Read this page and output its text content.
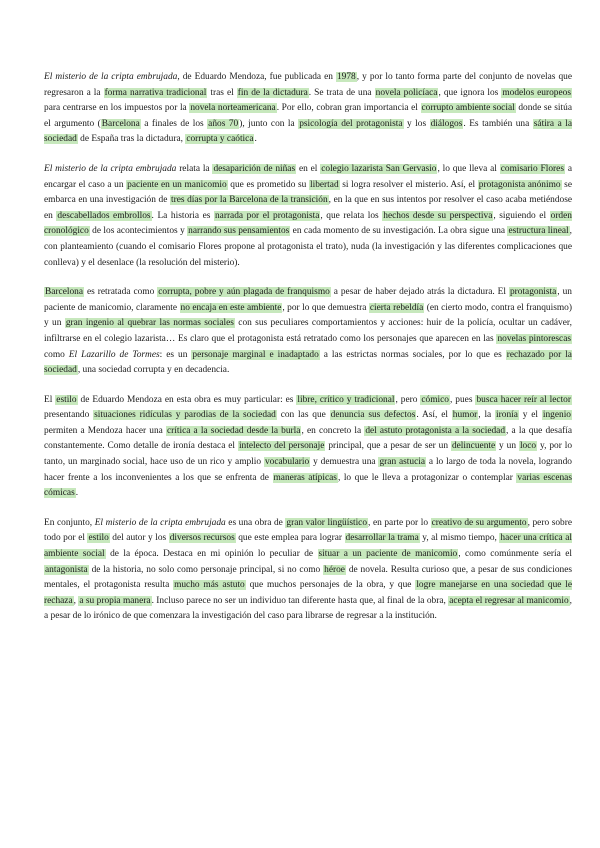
El misterio de la cripta embrujada, de Eduardo Mendoza, fue publicada en 1978, y por lo tanto forma parte del conjunto de novelas que regresaron a la forma narrativa tradicional tras el fin de la dictadura. Se trata de una novela policíaca, que ignora los modelos europeos para centrarse en los impuestos por la novela norteamericana. Por ello, cobran gran importancia el corrupto ambiente social donde se sitúa el argumento (Barcelona a finales de los años 70), junto con la psicología del protagonista y los diálogos. Es también una sátira a la sociedad de España tras la dictadura, corrupta y caótica.

El misterio de la cripta embrujada relata la desaparición de niñas en el colegio lazarista San Gervasio, lo que lleva al comisario Flores a encargar el caso a un paciente en un manicomio que es prometido su libertad si logra resolver el misterio. Así, el protagonista anónimo se embarca en una investigación de tres días por la Barcelona de la transición, en la que en sus intentos por resolver el caso acaba metiéndose en descabellados embrollos. La historia es narrada por el protagonista, que relata los hechos desde su perspectiva, siguiendo el orden cronológico de los acontecimientos y narrando sus pensamientos en cada momento de su investigación. La obra sigue una estructura lineal, con planteamiento (cuando el comisario Flores propone al protagonista el trato), nuda (la investigación y las diferentes complicaciones que conlleva) y el desenlace (la resolución del misterio).

Barcelona es retratada como corrupta, pobre y aún plagada de franquismo a pesar de haber dejado atrás la dictadura. El protagonista, un paciente de manicomio, claramente no encaja en este ambiente, por lo que demuestra cierta rebeldía (en cierto modo, contra el franquismo) y un gran ingenio al quebrar las normas sociales con sus peculiares comportamientos y acciones: huir de la policía, ocultar un cadáver, infiltrarse en el colegio lazarista… Es claro que el protagonista está retratado como los personajes que aparecen en las novelas pintorescas como El Lazarillo de Tormes: es un personaje marginal e inadaptado a las estrictas normas sociales, por lo que es rechazado por la sociedad, una sociedad corrupta y en decadencia.

El estilo de Eduardo Mendoza en esta obra es muy particular: es libre, crítico y tradicional, pero cómico, pues busca hacer reír al lector presentando situaciones ridículas y parodias de la sociedad con las que denuncia sus defectos. Así, el humor, la ironía y el ingenio permiten a Mendoza hacer una crítica a la sociedad desde la burla, en concreto la del astuto protagonista a la sociedad, a la que desafía constantemente. Como detalle de ironía destaca el intelecto del personaje principal, que a pesar de ser un delincuente y un loco y, por lo tanto, un marginado social, hace uso de un rico y amplio vocabulario y demuestra una gran astucia a lo largo de toda la novela, logrando hacer frente a los inconvenientes a los que se enfrenta de maneras atípicas, lo que le lleva a protagonizar o contemplar varias escenas cómicas.

En conjunto, El misterio de la cripta embrujada es una obra de gran valor lingüístico, en parte por lo creativo de su argumento, pero sobre todo por el estilo del autor y los diversos recursos que este emplea para lograr desarrollar la trama y, al mismo tiempo, hacer una crítica al ambiente social de la época. Destaca en mi opinión lo peculiar de situar a un paciente de manicomio, como comúnmente sería el antagonista de la historia, no solo como personaje principal, si no como héroe de novela. Resulta curioso que, a pesar de sus condiciones mentales, el protagonista resulta mucho más astuto que muchos personajes de la obra, y que logre manejarse en una sociedad que le rechaza, a su propia manera. Incluso parece no ser un individuo tan diferente hasta que, al final de la obra, acepta el regresar al manicomio, a pesar de lo irónico de que comenzara la investigación del caso para librarse de regresar a la institución.
